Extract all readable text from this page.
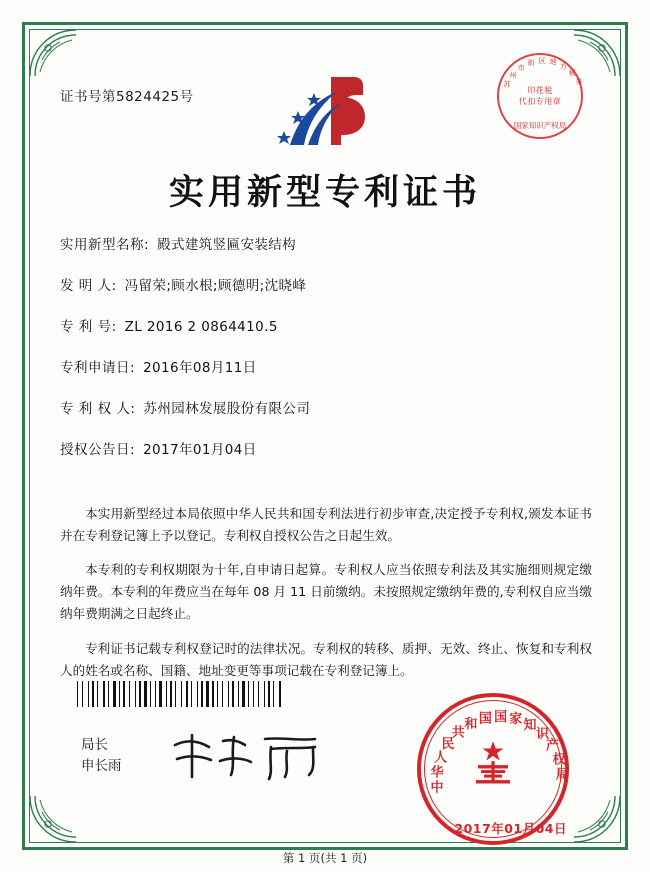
证书号第5824425号
苏
州
市
街 区 地
方
税
务
印花税
代扣专用章
国家知识产权局
实用新型专利证书
实用新型名称: 殿式建筑竖匾安装结构
发 明 人: 冯留荣;顾水根;顾德明;沈晓峰
专 利 号: ZL 2016 2 0864410.5
专利申请日: 2016年08月11日
专 利 权 人: 苏州园林发展股份有限公司
授权公告日: 2017年01月04日

本实用新型经过本局依照中华人民共和国专利法进行初步审查,决定授予专利权,颁发本证书并在专利登记簿上予以登记。专利权自授权公告之日起生效。

本专利的专利权期限为十年,自申请日起算。专利权人应当依照专利法及其实施细则规定缴纳年费。本专利的年费应当在每年 08 月 11 日前缴纳。未按照规定缴纳年费的,专利权自应当缴纳年费期满之日起终止。

专利证书记载专利权登记时的法律状况。专利权的转移、质押、无效、终止、恢复和专利权人的姓名或名称、国籍、地址变更等事项记载在专利登记簿上。

局长
申长雨
中
华
人
民
共
和 国 国 家 知
识
产
权
局
2017年01月04日
第 1 页(共 1 页)
